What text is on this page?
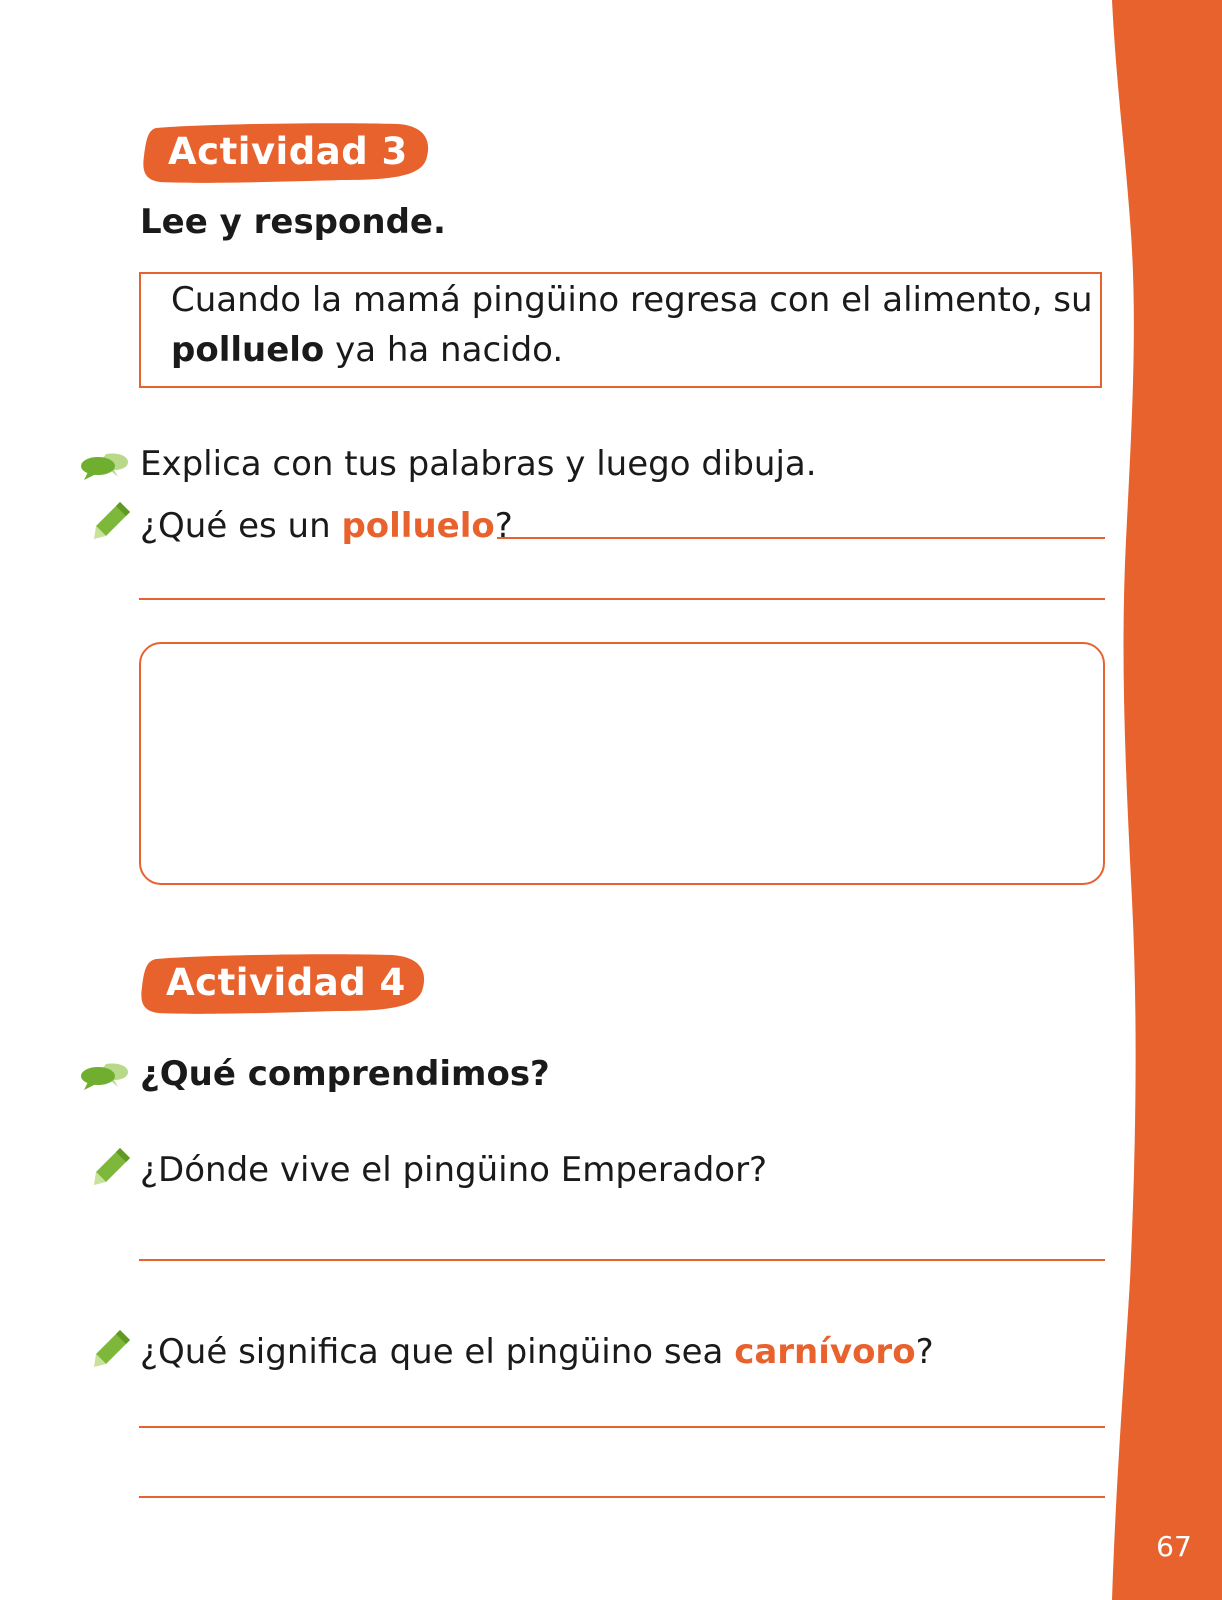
Actividad 3
Lee y responde.
Cuando la mamá pingüino regresa con el alimento, su
polluelo ya ha nacido.
Explica con tus palabras y luego dibuja.
¿Qué es un polluelo?
Actividad 4
¿Qué comprendimos?
¿Dónde vive el pingüino Emperador?
¿Qué significa que el pingüino sea carnívoro?
67
